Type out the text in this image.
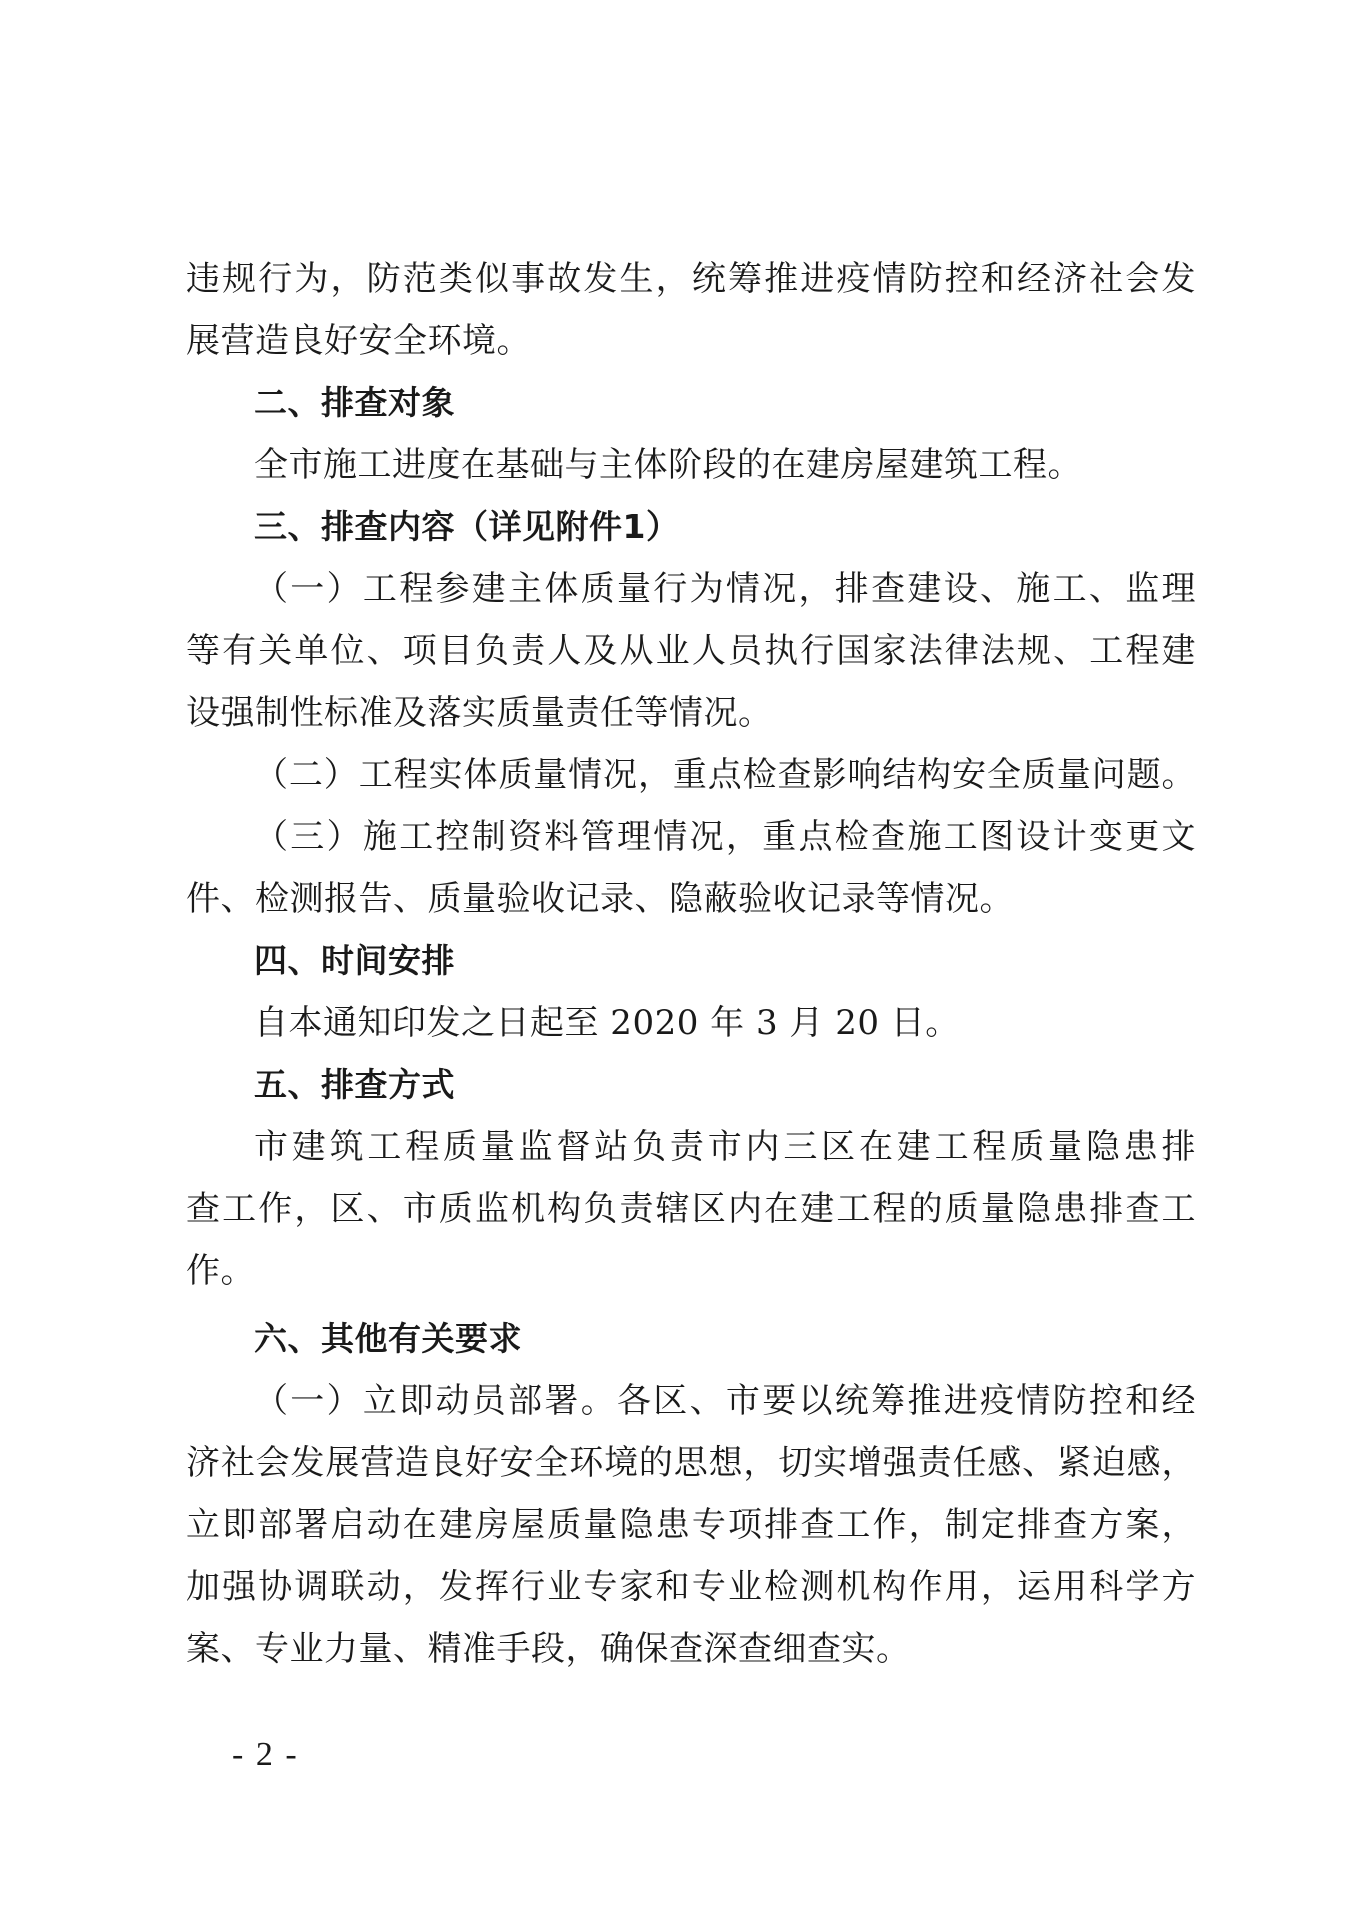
违规行为，防范类似事故发生，统筹推进疫情防控和经济社会发
展营造良好安全环境。
二、排查对象
全市施工进度在基础与主体阶段的在建房屋建筑工程。
三、排查内容（详见附件1）
（一）工程参建主体质量行为情况，排查建设、施工、监理
等有关单位、项目负责人及从业人员执行国家法律法规、工程建
设强制性标准及落实质量责任等情况。
（二）工程实体质量情况，重点检查影响结构安全质量问题。
（三）施工控制资料管理情况，重点检查施工图设计变更文
件、检测报告、质量验收记录、隐蔽验收记录等情况。
四、时间安排
自本通知印发之日起至 2020 年 3 月 20 日。
五、排查方式
市建筑工程质量监督站负责市内三区在建工程质量隐患排
查工作，区、市质监机构负责辖区内在建工程的质量隐患排查工
作。
六、其他有关要求
（一）立即动员部署。各区、市要以统筹推进疫情防控和经
济社会发展营造良好安全环境的思想，切实增强责任感、紧迫感，
立即部署启动在建房屋质量隐患专项排查工作，制定排查方案，
加强协调联动，发挥行业专家和专业检测机构作用，运用科学方
案、专业力量、精准手段，确保查深查细查实。
- 2 -
